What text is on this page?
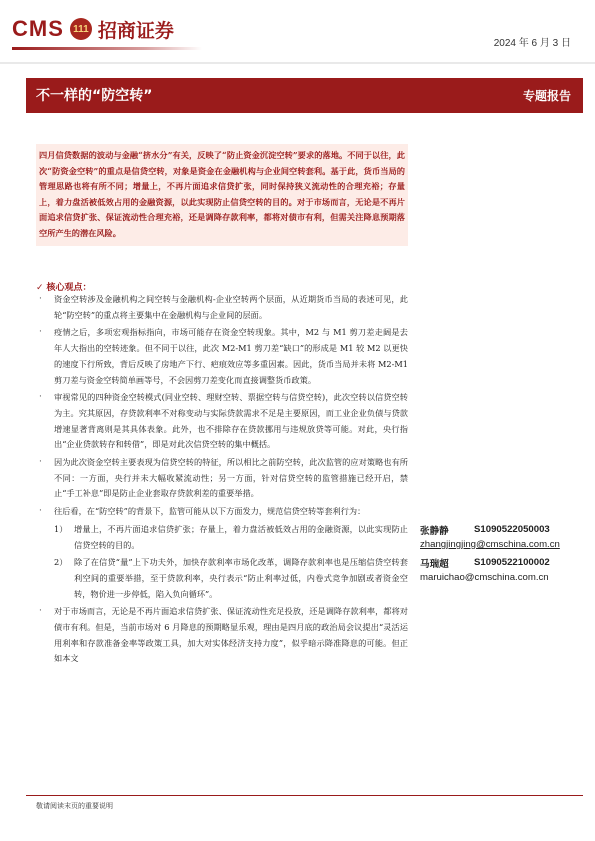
CMS 111 招商证券
2024 年 6 月 3 日
不一样的“防空转”	专题报告
四月信贷数据的波动与金融“挤水分”有关，反映了“防止资金沉淀空转”要求的落地。不同于以往，此次“防资金空转”的重点是信贷空转，对象是资金在金融机构与企业间空转套利。基于此，货币当局的管理思路也将有所不同；增量上，不再片面追求信贷扩张，同时保持狭义流动性的合理充裕；存量上，着力盘活被低效占用的金融资源，以此实现防止信贷空转的目的。对于市场而言，无论是不再片面追求信贷扩张、保证流动性合理充裕，还是调降存款利率，都将对债市有利，但需关注降息预期落空所产生的潜在风险。
✓ 核心观点：
· 资金空转涉及金融机构之间空转与金融机构-企业空转两个层面，从近期货币当局的表述可见，此轮“防空转”的重点将主要集中在金融机构与企业间的层面。
· 疫情之后，多项宏观指标指向，市场可能存在资金空转现象。其中，M2 与 M1 剪刀差走阔是去年人大指出的空转迹象。但不同于以往，此次 M2-M1 剪刀差“缺口”的形成是 M1 较 M2 以更快的速度下行所致，背后反映了房地产下行、疤痕效应等多重因素。因此，货币当局并未将 M2-M1 剪刀差与资金空转简单画等号，不会因剪刀差变化而直接调整货币政策。
· 审视常见的四种资金空转模式(同业空转、理财空转、票据空转与信贷空转)，此次空转以信贷空转为主。究其原因，存贷款利率不对称变动与实际贷款需求不足是主要原因，而工业企业负债与贷款增速显著背离则是其具体表象。此外，也不排除存在贷款挪用与违规放贷等可能。对此，央行指出“企业贷款转存和转借”，即是对此次信贷空转的集中概括。
· 因为此次资金空转主要表现为信贷空转的特征，所以相比之前防空转，此次监管的应对策略也有所不同：一方面，央行并未大幅收紧流动性；另一方面，针对信贷空转的监管措施已经开启，禁止“手工补息”即是防止企业套取存贷款利差的重要举措。
· 往后看，在“防空转”的背景下，监管可能从以下方面发力，规范信贷空转等套利行为：
1） 增量上，不再片面追求信贷扩张；存量上，着力盘活被低效占用的金融资源，以此实现防止信贷空转的目的。
2） 除了在信贷“量”上下功夫外，加快存款利率市场化改革，调降存款利率也是压缩信贷空转套利空间的重要举措，至于贷款利率，央行表示“防止利率过低，内卷式竞争加剧或者资金空转，物价进一步停低，陷入负向循环”。
· 对于市场而言，无论是不再片面追求信贷扩张、保证流动性充足投放，还是调降存款利率，都将对债市有利。但是，当前市场对 6 月降息的预期略显乐观，理由是四月底的政治局会议提出“灵活运用利率和存款准备金率等政策工具，加大对实体经济支持力度”，似乎暗示降准降息的可能。但正如本文
张静静	S1090522050003
zhangjingjing@cmschina.com.cn
马瑞超	S1090522100002
maruichao@cmschina.com.cn
敬请阅读末页的重要说明
